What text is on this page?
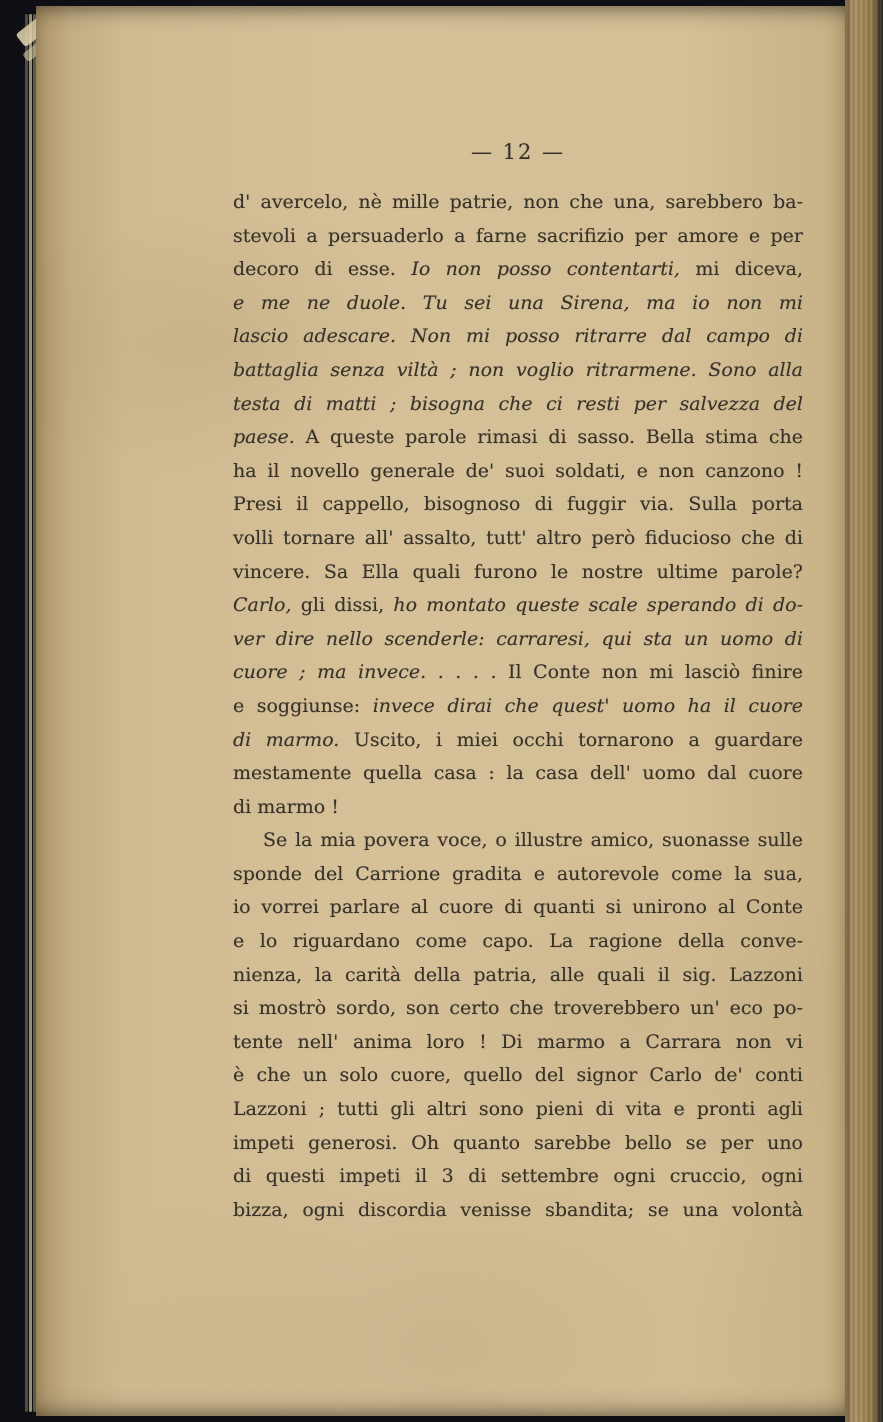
— 12 —
d' avercelo, nè mille patrie, non che una, sarebbero ba-
stevoli a persuaderlo a farne sacrifizio per amore e per
decoro di esse. Io non posso contentarti, mi diceva,
e me ne duole. Tu sei una Sirena, ma io non mi
lascio adescare. Non mi posso ritrarre dal campo di
battaglia senza viltà ; non voglio ritrarmene. Sono alla
testa di matti ; bisogna che ci resti per salvezza del
paese. A queste parole rimasi di sasso. Bella stima che
ha il novello generale de' suoi soldati, e non canzono !
Presi il cappello, bisognoso di fuggir via. Sulla porta
volli tornare all' assalto, tutt' altro però fiducioso che di
vincere. Sa Ella quali furono le nostre ultime parole?
Carlo, gli dissi, ho montato queste scale sperando di do-
ver dire nello scenderle: carraresi, qui sta un uomo di
cuore ; ma invece. . . . . Il Conte non mi lasciò finire
e soggiunse: invece dirai che quest' uomo ha il cuore
di marmo. Uscito, i miei occhi tornarono a guardare
mestamente quella casa : la casa dell' uomo dal cuore
di marmo !
Se la mia povera voce, o illustre amico, suonasse sulle
sponde del Carrione gradita e autorevole come la sua,
io vorrei parlare al cuore di quanti si unirono al Conte
e lo riguardano come capo. La ragione della conve-
nienza, la carità della patria, alle quali il sig. Lazzoni
si mostrò sordo, son certo che troverebbero un' eco po-
tente nell' anima loro ! Di marmo a Carrara non vi
è che un solo cuore, quello del signor Carlo de' conti
Lazzoni ; tutti gli altri sono pieni di vita e pronti agli
impeti generosi. Oh quanto sarebbe bello se per uno
di questi impeti il 3 di settembre ogni cruccio, ogni
bizza, ogni discordia venisse sbandita; se una volontà
